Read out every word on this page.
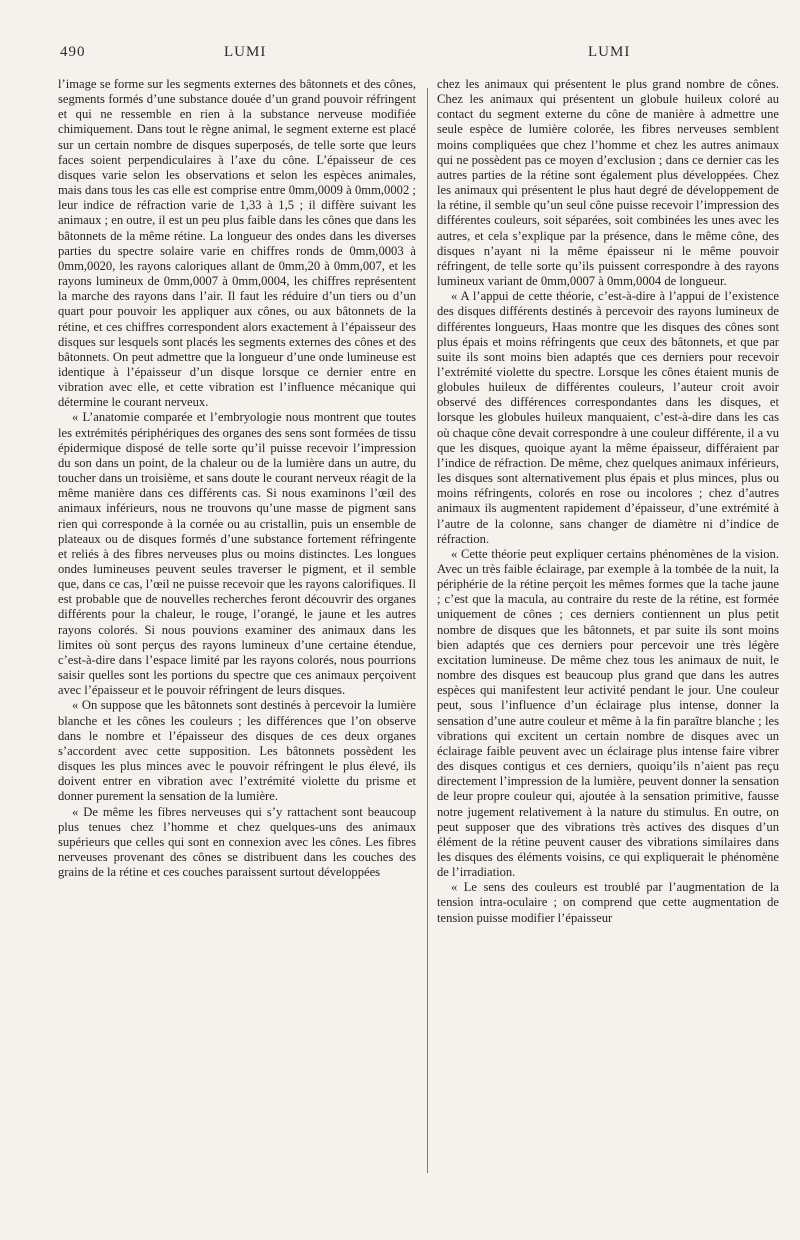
490	LUMI	LUMI

l’image se forme sur les segments externes des bâtonnets et des cônes, segments formés d’une substance douée d’un grand pouvoir réfringent et qui ne ressemble en rien à la substance nerveuse modifiée chimiquement. Dans tout le règne animal, le segment externe est placé sur un certain nombre de disques superposés, de telle sorte que leurs faces soient perpendiculaires à l’axe du cône. L’épaisseur de ces disques varie selon les observations et selon les espèces animales, mais dans tous les cas elle est comprise entre 0mm,0009 à 0mm,0002 ; leur indice de réfraction varie de 1,33 à 1,5 ; il diffère suivant les animaux ; en outre, il est un peu plus faible dans les cônes que dans les bâtonnets de la même rétine. La longueur des ondes dans les diverses parties du spectre solaire varie en chiffres ronds de 0mm,0003 à 0mm,0020, les rayons caloriques allant de 0mm,20 à 0mm,007, et les rayons lumineux de 0mm,0007 à 0mm,0004, les chiffres représentent la marche des rayons dans l’air. Il faut les réduire d’un tiers ou d’un quart pour pouvoir les appliquer aux cônes, ou aux bâtonnets de la rétine, et ces chiffres correspondent alors exactement à l’épaisseur des disques sur lesquels sont placés les segments externes des cônes et des bâtonnets. On peut admettre que la longueur d’une onde lumineuse est identique à l’épaisseur d’un disque lorsque ce dernier entre en vibration avec elle, et cette vibration est l’influence mécanique qui détermine le courant nerveux.

« L’anatomie comparée et l’embryologie nous montrent que toutes les extrémités périphériques des organes des sens sont formées de tissu épidermique disposé de telle sorte qu’il puisse recevoir l’impression du son dans un point, de la chaleur ou de la lumière dans un autre, du toucher dans un troisième, et sans doute le courant nerveux réagit de la même manière dans ces différents cas. Si nous examinons l’œil des animaux inférieurs, nous ne trouvons qu’une masse de pigment sans rien qui corresponde à la cornée ou au cristallin, puis un ensemble de plateaux ou de disques formés d’une substance fortement réfringente et reliés à des fibres nerveuses plus ou moins distinctes. Les longues ondes lumineuses peuvent seules traverser le pigment, et il semble que, dans ce cas, l’œil ne puisse recevoir que les rayons calorifiques. Il est probable que de nouvelles recherches feront découvrir des organes différents pour la chaleur, le rouge, l’orangé, le jaune et les autres rayons colorés. Si nous pouvions examiner des animaux dans les limites où sont perçus des rayons lumineux d’une certaine étendue, c’est-à-dire dans l’espace limité par les rayons colorés, nous pourrions saisir quelles sont les portions du spectre que ces animaux perçoivent avec l’épaisseur et le pouvoir réfringent de leurs disques.

« On suppose que les bâtonnets sont destinés à percevoir la lumière blanche et les cônes les couleurs ; les différences que l’on observe dans le nombre et l’épaisseur des disques de ces deux organes s’accordent avec cette supposition. Les bâtonnets possèdent les disques les plus minces avec le pouvoir réfringent le plus élevé, ils doivent entrer en vibration avec l’extrémité violette du prisme et donner purement la sensation de la lumière.

« De même les fibres nerveuses qui s’y rattachent sont beaucoup plus tenues chez l’homme et chez quelques-uns des animaux supérieurs que celles qui sont en connexion avec les cônes. Les fibres nerveuses provenant des cônes se distribuent dans les couches des grains de la rétine et ces couches paraissent surtout développées

chez les animaux qui présentent le plus grand nombre de cônes. Chez les animaux qui présentent un globule huileux coloré au contact du segment externe du cône de manière à admettre une seule espèce de lumière colorée, les fibres nerveuses semblent moins compliquées que chez l’homme et chez les autres animaux qui ne possèdent pas ce moyen d’exclusion ; dans ce dernier cas les autres parties de la rétine sont également plus développées. Chez les animaux qui présentent le plus haut degré de développement de la rétine, il semble qu’un seul cône puisse recevoir l’impression des différentes couleurs, soit séparées, soit combinées les unes avec les autres, et cela s’explique par la présence, dans le même cône, des disques n’ayant ni la même épaisseur ni le même pouvoir réfringent, de telle sorte qu’ils puissent correspondre à des rayons lumineux variant de 0mm,0007 à 0mm,0004 de longueur.

« A l’appui de cette théorie, c’est-à-dire à l’appui de l’existence des disques différents destinés à percevoir des rayons lumineux de différentes longueurs, Haas montre que les disques des cônes sont plus épais et moins réfringents que ceux des bâtonnets, et que par suite ils sont moins bien adaptés que ces derniers pour recevoir l’extrémité violette du spectre. Lorsque les cônes étaient munis de globules huileux de différentes couleurs, l’auteur croit avoir observé des différences correspondantes dans les disques, et lorsque les globules huileux manquaient, c’est-à-dire dans les cas où chaque cône devait correspondre à une couleur différente, il a vu que les disques, quoique ayant la même épaisseur, différaient par l’indice de réfraction. De même, chez quelques animaux inférieurs, les disques sont alternativement plus épais et plus minces, plus ou moins réfringents, colorés en rose ou incolores ; chez d’autres animaux ils augmentent rapidement d’épaisseur, d’une extrémité à l’autre de la colonne, sans changer de diamètre ni d’indice de réfraction.

« Cette théorie peut expliquer certains phénomènes de la vision. Avec un très faible éclairage, par exemple à la tombée de la nuit, la périphérie de la rétine perçoit les mêmes formes que la tache jaune ; c’est que la macula, au contraire du reste de la rétine, est formée uniquement de cônes ; ces derniers contiennent un plus petit nombre de disques que les bâtonnets, et par suite ils sont moins bien adaptés que ces derniers pour percevoir une très légère excitation lumineuse. De même chez tous les animaux de nuit, le nombre des disques est beaucoup plus grand que dans les autres espèces qui manifestent leur activité pendant le jour. Une couleur peut, sous l’influence d’un éclairage plus intense, donner la sensation d’une autre couleur et même à la fin paraître blanche ; les vibrations qui excitent un certain nombre de disques avec un éclairage faible peuvent avec un éclairage plus intense faire vibrer des disques contigus et ces derniers, quoiqu’ils n’aient pas reçu directement l’impression de la lumière, peuvent donner la sensation de leur propre couleur qui, ajoutée à la sensation primitive, fausse notre jugement relativement à la nature du stimulus. En outre, on peut supposer que des vibrations très actives des disques d’un élément de la rétine peuvent causer des vibrations similaires dans les disques des éléments voisins, ce qui expliquerait le phénomène de l’irradiation.

« Le sens des couleurs est troublé par l’augmentation de la tension intra-oculaire ; on comprend que cette augmentation de tension puisse modifier l’épaisseur
